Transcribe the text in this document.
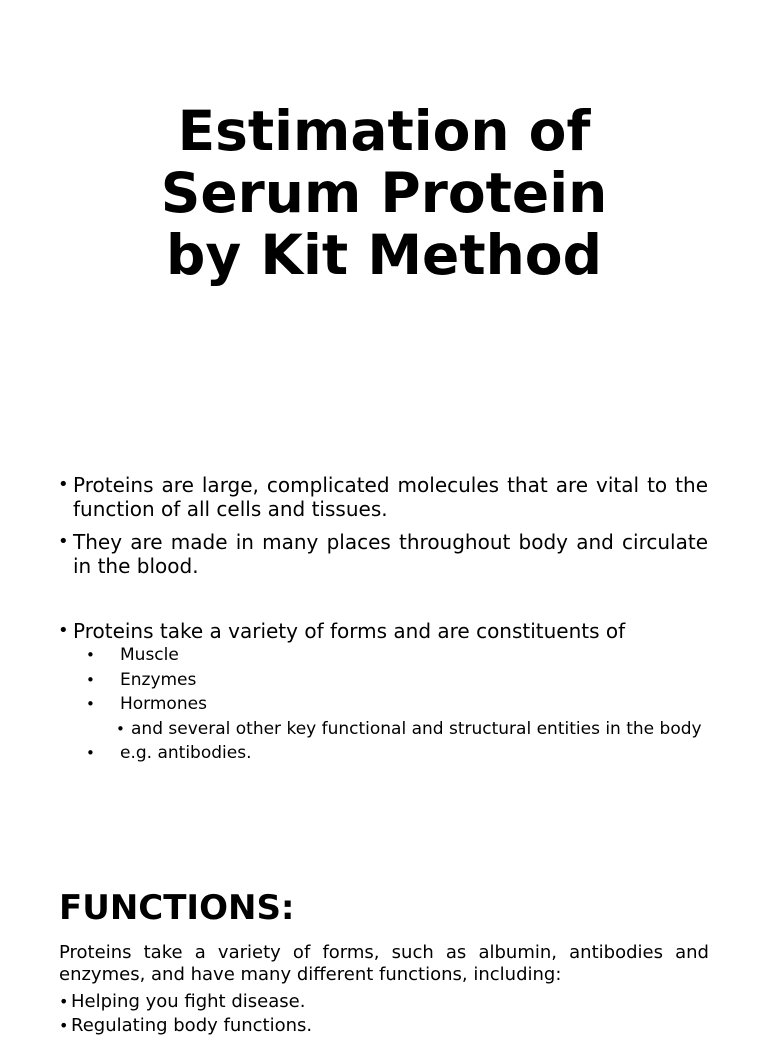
Estimation of
Serum Protein
by Kit Method
• Proteins are large, complicated molecules that are vital to the function of all cells and tissues.
• They are made in many places throughout body and circulate in the blood.
• Proteins take a variety of forms and are constituents of
• Muscle
• Enzymes
• Hormones
• and several other key functional and structural entities in the body
• e.g. antibodies.
FUNCTIONS:

Proteins take a variety of forms, such as albumin, antibodies and enzymes, and have many different functions, including:

• Helping you fight disease.
• Regulating body functions.
